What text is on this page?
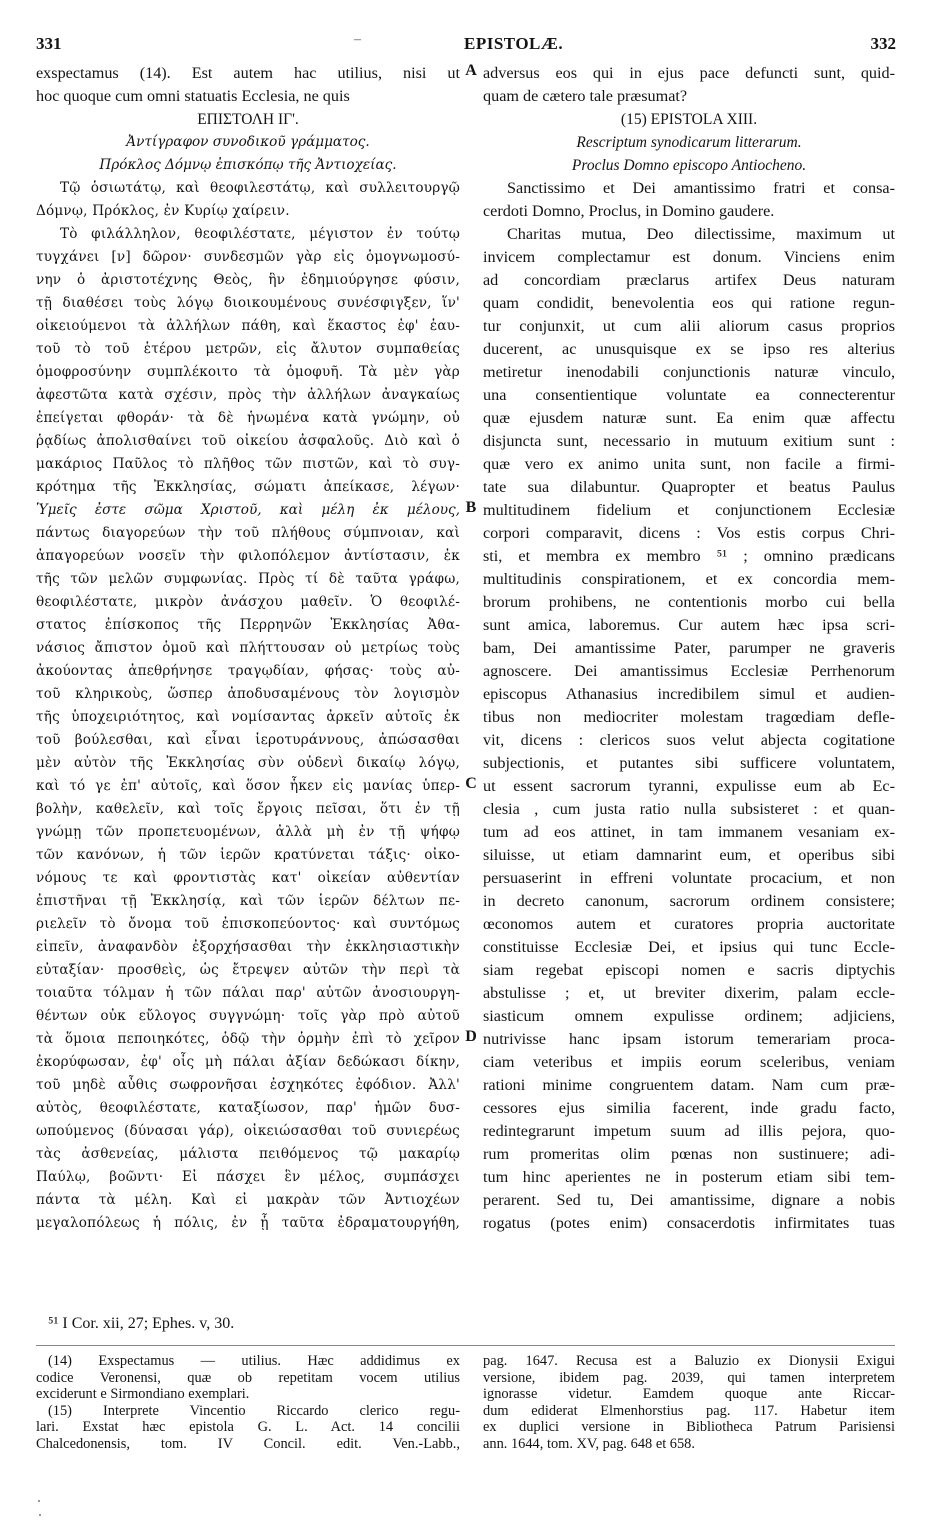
331	–	EPISTOLÆ.	332
exspectamus (14). Est autem hac utilius, nisi ut
hoc quoque cum omni statuatis Ecclesia, ne quis
ΕΠΙΣΤΟΛΗ ΙΓ'.
Ἀντίγραφον συνοδικοῦ γράμματος.
Πρόκλος Δόμνῳ ἐπισκόπῳ τῆς Ἀντιοχείας.
Τῷ ὁσιωτάτῳ, καὶ θεοφιλεστάτῳ, καὶ συλλειτουργῷ
Δόμνῳ, Πρόκλος, ἐν Κυρίῳ χαίρειν.
Τὸ φιλάλληλον, θεοφιλέστατε, μέγιστον ἐν τούτῳ
τυγχάνει [ν] δῶρον· συνδεσμῶν γὰρ εἰς ὁμογνωμοσύ-
νην ὁ ἀριστοτέχνης Θεὸς, ἣν ἐδημιούργησε φύσιν,
τῇ διαθέσει τοὺς λόγῳ διοικουμένους συνέσφιγξεν, ἵν'
οἰκειούμενοι τὰ ἀλλήλων πάθη, καὶ ἕκαστος ἐφ' ἑαυ-
τοῦ τὸ τοῦ ἑτέρου μετρῶν, εἰς ἄλυτον συμπαθείας
ὁμοφροσύνην συμπλέκοιτο τὰ ὁμοφυῆ. Τὰ μὲν γὰρ
ἀφεστῶτα κατὰ σχέσιν, πρὸς τὴν ἀλλήλων ἀναγκαίως
ἐπείγεται φθοράν· τὰ δὲ ἡνωμένα κατὰ γνώμην, οὐ
ῥᾳδίως ἀπολισθαίνει τοῦ οἰκείου ἀσφαλοῦς. Διὸ καὶ ὁ
μακάριος Παῦλος τὸ πλῆθος τῶν πιστῶν, καὶ τὸ συγ-
κρότημα τῆς Ἐκκλησίας, σώματι ἀπείκασε, λέγων·
Ὑμεῖς ἐστε σῶμα Χριστοῦ, καὶ μέλη ἐκ μέλους,
πάντως διαγορεύων τὴν τοῦ πλήθους σύμπνοιαν, καὶ
ἀπαγορεύων νοσεῖν τὴν φιλοπόλεμον ἀντίστασιν, ἐκ
τῆς τῶν μελῶν συμφωνίας. Πρὸς τί δὲ ταῦτα γράφω,
θεοφιλέστατε, μικρὸν ἀνάσχου μαθεῖν. Ὁ θεοφιλέ-
στατος ἐπίσκοπος τῆς Περρηνῶν Ἐκκλησίας Ἀθα-
νάσιος ἄπιστον ὁμοῦ καὶ πλήττουσαν οὐ μετρίως τοὺς
ἀκούοντας ἀπεθρήνησε τραγῳδίαν, φήσας· τοὺς αὐ-
τοῦ κληρικοὺς, ὥσπερ ἀποδυσαμένους τὸν λογισμὸν
τῆς ὑποχειριότητος, καὶ νομίσαντας ἀρκεῖν αὐτοῖς ἐκ
τοῦ βούλεσθαι, καὶ εἶναι ἱεροτυράννους, ἀπώσασθαι
μὲν αὐτὸν τῆς Ἐκκλησίας σὺν οὐδενὶ δικαίῳ λόγῳ,
καὶ τό γε ἐπ' αὐτοῖς, καὶ ὅσον ἧκεν εἰς μανίας ὑπερ-
βολὴν, καθελεῖν, καὶ τοῖς ἔργοις πεῖσαι, ὅτι ἐν τῇ
γνώμῃ τῶν προπετευομένων, ἀλλὰ μὴ ἐν τῇ ψήφῳ
τῶν κανόνων, ἡ τῶν ἱερῶν κρατύνεται τάξις· οἰκο-
νόμους τε καὶ φροντιστὰς κατ' οἰκείαν αὐθεντίαν
ἐπιστῆναι τῇ Ἐκκλησίᾳ, καὶ τῶν ἱερῶν δέλτων πε-
ριελεῖν τὸ ὄνομα τοῦ ἐπισκοπεύοντος· καὶ συντόμως
εἰπεῖν, ἀναφανδὸν ἐξορχήσασθαι τὴν ἐκκλησιαστικὴν
εὐταξίαν· προσθεὶς, ὡς ἔτρεψεν αὐτῶν τὴν περὶ τὰ
τοιαῦτα τόλμαν ἡ τῶν πάλαι παρ' αὐτῶν ἀνοσιουργη-
θέντων οὐκ εὔλογος συγγνώμη· τοῖς γὰρ πρὸ αὐτοῦ
τὰ ὅμοια πεποιηκότες, ὁδῷ τὴν ὁρμὴν ἐπὶ τὸ χεῖρον
ἐκορύφωσαν, ἐφ' οἷς μὴ πάλαι ἀξίαν δεδώκασι δίκην,
τοῦ μηδὲ αὖθις σωφρονῆσαι ἐσχηκότες ἐφόδιον. Ἀλλ'
αὐτὸς, θεοφιλέστατε, καταξίωσον, παρ' ἡμῶν δυσ-
ωπούμενος (δύνασαι γάρ), οἰκειώσασθαι τοῦ συνιερέως
τὰς ἀσθενείας, μάλιστα πειθόμενος τῷ μακαρίῳ
Παύλῳ, βοῶντι· Εἰ πάσχει ἓν μέλος, συμπάσχει
πάντα τὰ μέλη. Καὶ εἰ μακρὰν τῶν Ἀντιοχέων
μεγαλοπόλεως ἡ πόλις, ἐν ᾗ ταῦτα ἐδραματουργήθη,
A
B
C
D
adversus eos qui in ejus pace defuncti sunt, quid-
quam de cætero tale præsumat?
(15) EPISTOLA XIII.
Rescriptum synodicarum litterarum.
Proclus Domno episcopo Antiocheno.
Sanctissimo et Dei amantissimo fratri et consa-
cerdoti Domno, Proclus, in Domino gaudere.
Charitas mutua, Deo dilectissime, maximum ut
invicem complectamur est donum. Vinciens enim
ad concordiam præclarus artifex Deus naturam
quam condidit, benevolentia eos qui ratione regun-
tur conjunxit, ut cum alii aliorum casus proprios
ducerent, ac unusquisque ex se ipso res alterius
metiretur inenodabili conjunctionis naturæ vinculo,
una consentientique voluntate ea connecterentur
quæ ejusdem naturæ sunt. Ea enim quæ affectu
disjuncta sunt, necessario in mutuum exitium sunt :
quæ vero ex animo unita sunt, non facile a firmi-
tate sua dilabuntur. Quapropter et beatus Paulus
multitudinem fidelium et conjunctionem Ecclesiæ
corpori comparavit, dicens : Vos estis corpus Chri-
sti, et membra ex membro ⁵¹ ; omnino prædicans
multitudinis conspirationem, et ex concordia mem-
brorum prohibens, ne contentionis morbo cui bella
sunt amica, laboremus. Cur autem hæc ipsa scri-
bam, Dei amantissime Pater, parumper ne graveris
agnoscere. Dei amantissimus Ecclesiæ Perrhenorum
episcopus Athanasius incredibilem simul et audien-
tibus non mediocriter molestam tragœdiam defle-
vit, dicens : clericos suos velut abjecta cogitatione
subjectionis, et putantes sibi sufficere voluntatem,
ut essent sacrorum tyranni, expulisse eum ab Ec-
clesia , cum justa ratio nulla subsisteret : et quan-
tum ad eos attinet, in tam immanem vesaniam ex-
siluisse, ut etiam damnarint eum, et operibus sibi
persuaserint in effreni voluntate procacium, et non
in decreto canonum, sacrorum ordinem consistere;
œconomos autem et curatores propria auctoritate
constituisse Ecclesiæ Dei, et ipsius qui tunc Eccle-
siam regebat episcopi nomen e sacris diptychis
abstulisse ; et, ut breviter dixerim, palam eccle-
siasticum omnem expulisse ordinem; adjiciens,
nutrivisse hanc ipsam istorum temerariam proca-
ciam veteribus et impiis eorum sceleribus, veniam
rationi minime congruentem datam. Nam cum præ-
cessores ejus similia facerent, inde gradu facto,
redintegrarunt impetum suum ad illis pejora, quo-
rum promeritas olim pœnas non sustinuere; adi-
tum hinc aperientes ne in posterum etiam sibi tem-
perarent. Sed tu, Dei amantissime, dignare a nobis
rogatus (potes enim) consacerdotis infirmitates tuas
⁵¹ I Cor. xii, 27; Ephes. v, 30.
(14) Exspectamus — utilius. Hæc addidimus ex
codice Veronensi, quæ ob repetitam vocem utilius
exciderunt e Sirmondiano exemplari.
(15) Interprete Vincentio Riccardo clerico regu-
lari. Exstat hæc epistola G. L. Act. 14 concilii
Chalcedonensis, tom. IV Concil. edit. Ven.-Labb.,
pag. 1647. Recusa est a Baluzio ex Dionysii Exigui
versione, ibidem pag. 2039, qui tamen interpretem
ignorasse videtur. Eamdem quoque ante Riccar-
dum ediderat Elmenhorstius pag. 117. Habetur item
ex duplici versione in Bibliotheca Patrum Parisiensi
ann. 1644, tom. XV, pag. 648 et 658.
